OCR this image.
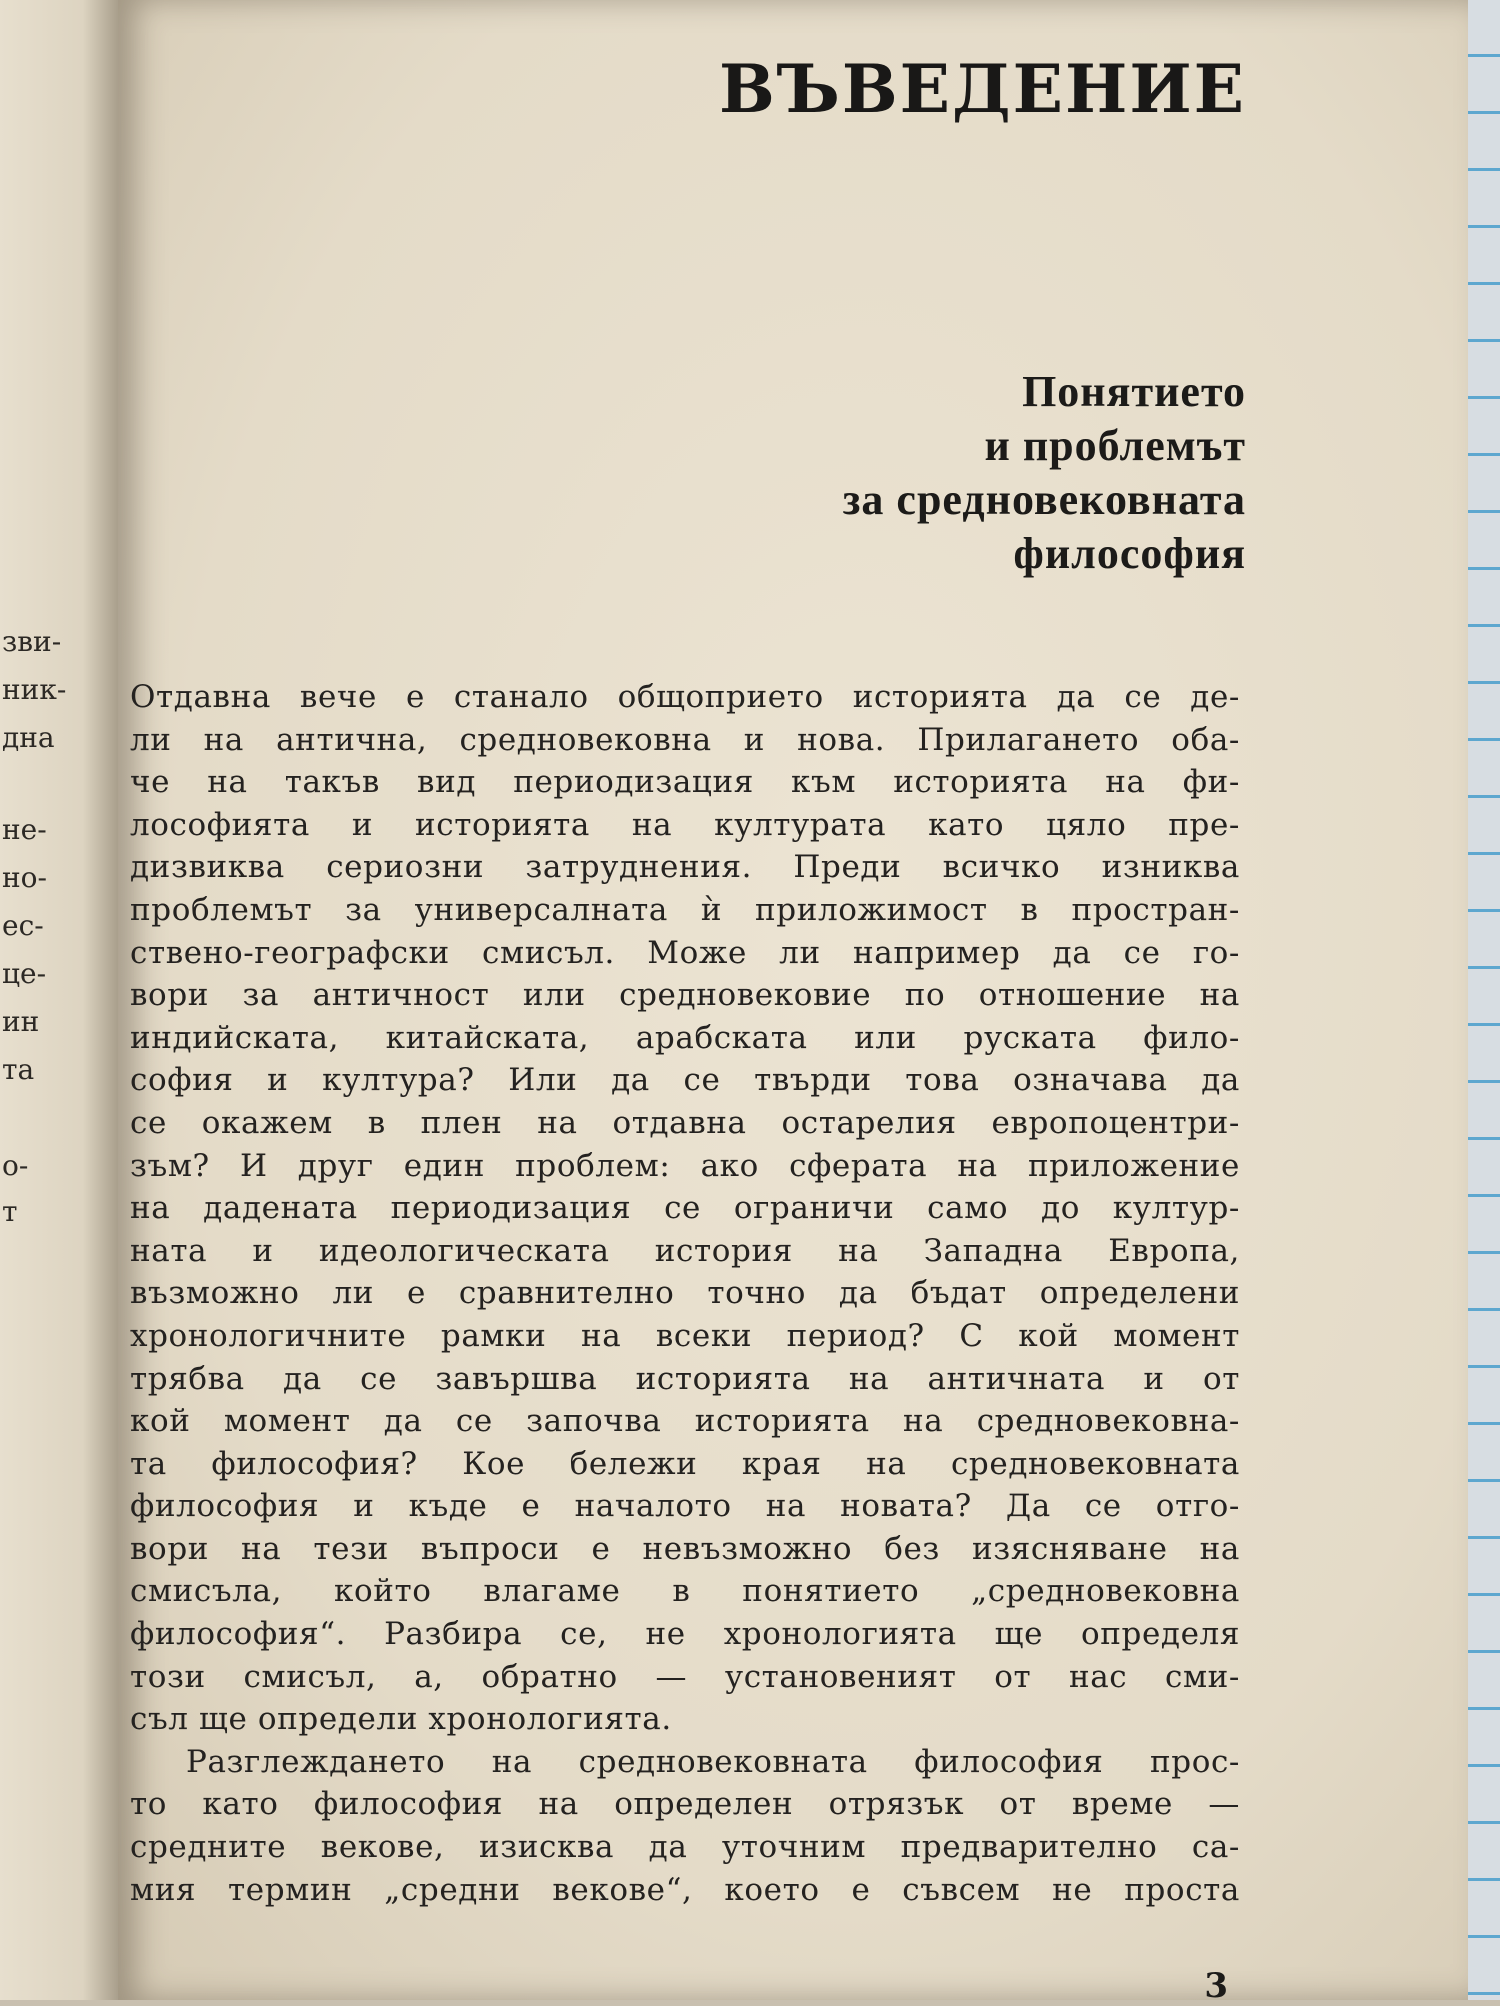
зви-
ник-
дна
не-
но-
ес-
це-
ин
та
о-
т
ВЪВЕДЕНИЕ
Понятието
и проблемът
за средновековната
философия
Отдавна вече е станало общоприето историята да се де-
ли на антична, средновековна и нова. Прилагането оба-
че на такъв вид периодизация към историята на фи-
лософията и историята на културата като цяло пре-
дизвиква сериозни затруднения. Преди всичко изниква
проблемът за универсалната ѝ приложимост в простран-
ствено-географски смисъл. Може ли например да се го-
вори за античност или средновековие по отношение на
индийската, китайската, арабската или руската фило-
софия и култура? Или да се твърди това означава да
се окажем в плен на отдавна остарелия европоцентри-
зъм? И друг един проблем: ако сферата на приложение
на дадената периодизация се ограничи само до култур-
ната и идеологическата история на Западна Европа,
възможно ли е сравнително точно да бъдат определени
хронологичните рамки на всеки период? С кой момент
трябва да се завършва историята на античната и от
кой момент да се започва историята на средновековна-
та философия? Кое бележи края на средновековната
философия и къде е началото на новата? Да се отго-
вори на тези въпроси е невъзможно без изясняване на
смисъла, който влагаме в понятието „средновековна
философия“. Разбира се, не хронологията ще определя
този смисъл, а, обратно — установеният от нас сми-
съл ще определи хронологията.
Разглеждането на средновековната философия прос-
то като философия на определен отрязък от време —
средните векове, изисква да уточним предварително са-
мия термин „средни векове“, което е съвсем не проста
3
